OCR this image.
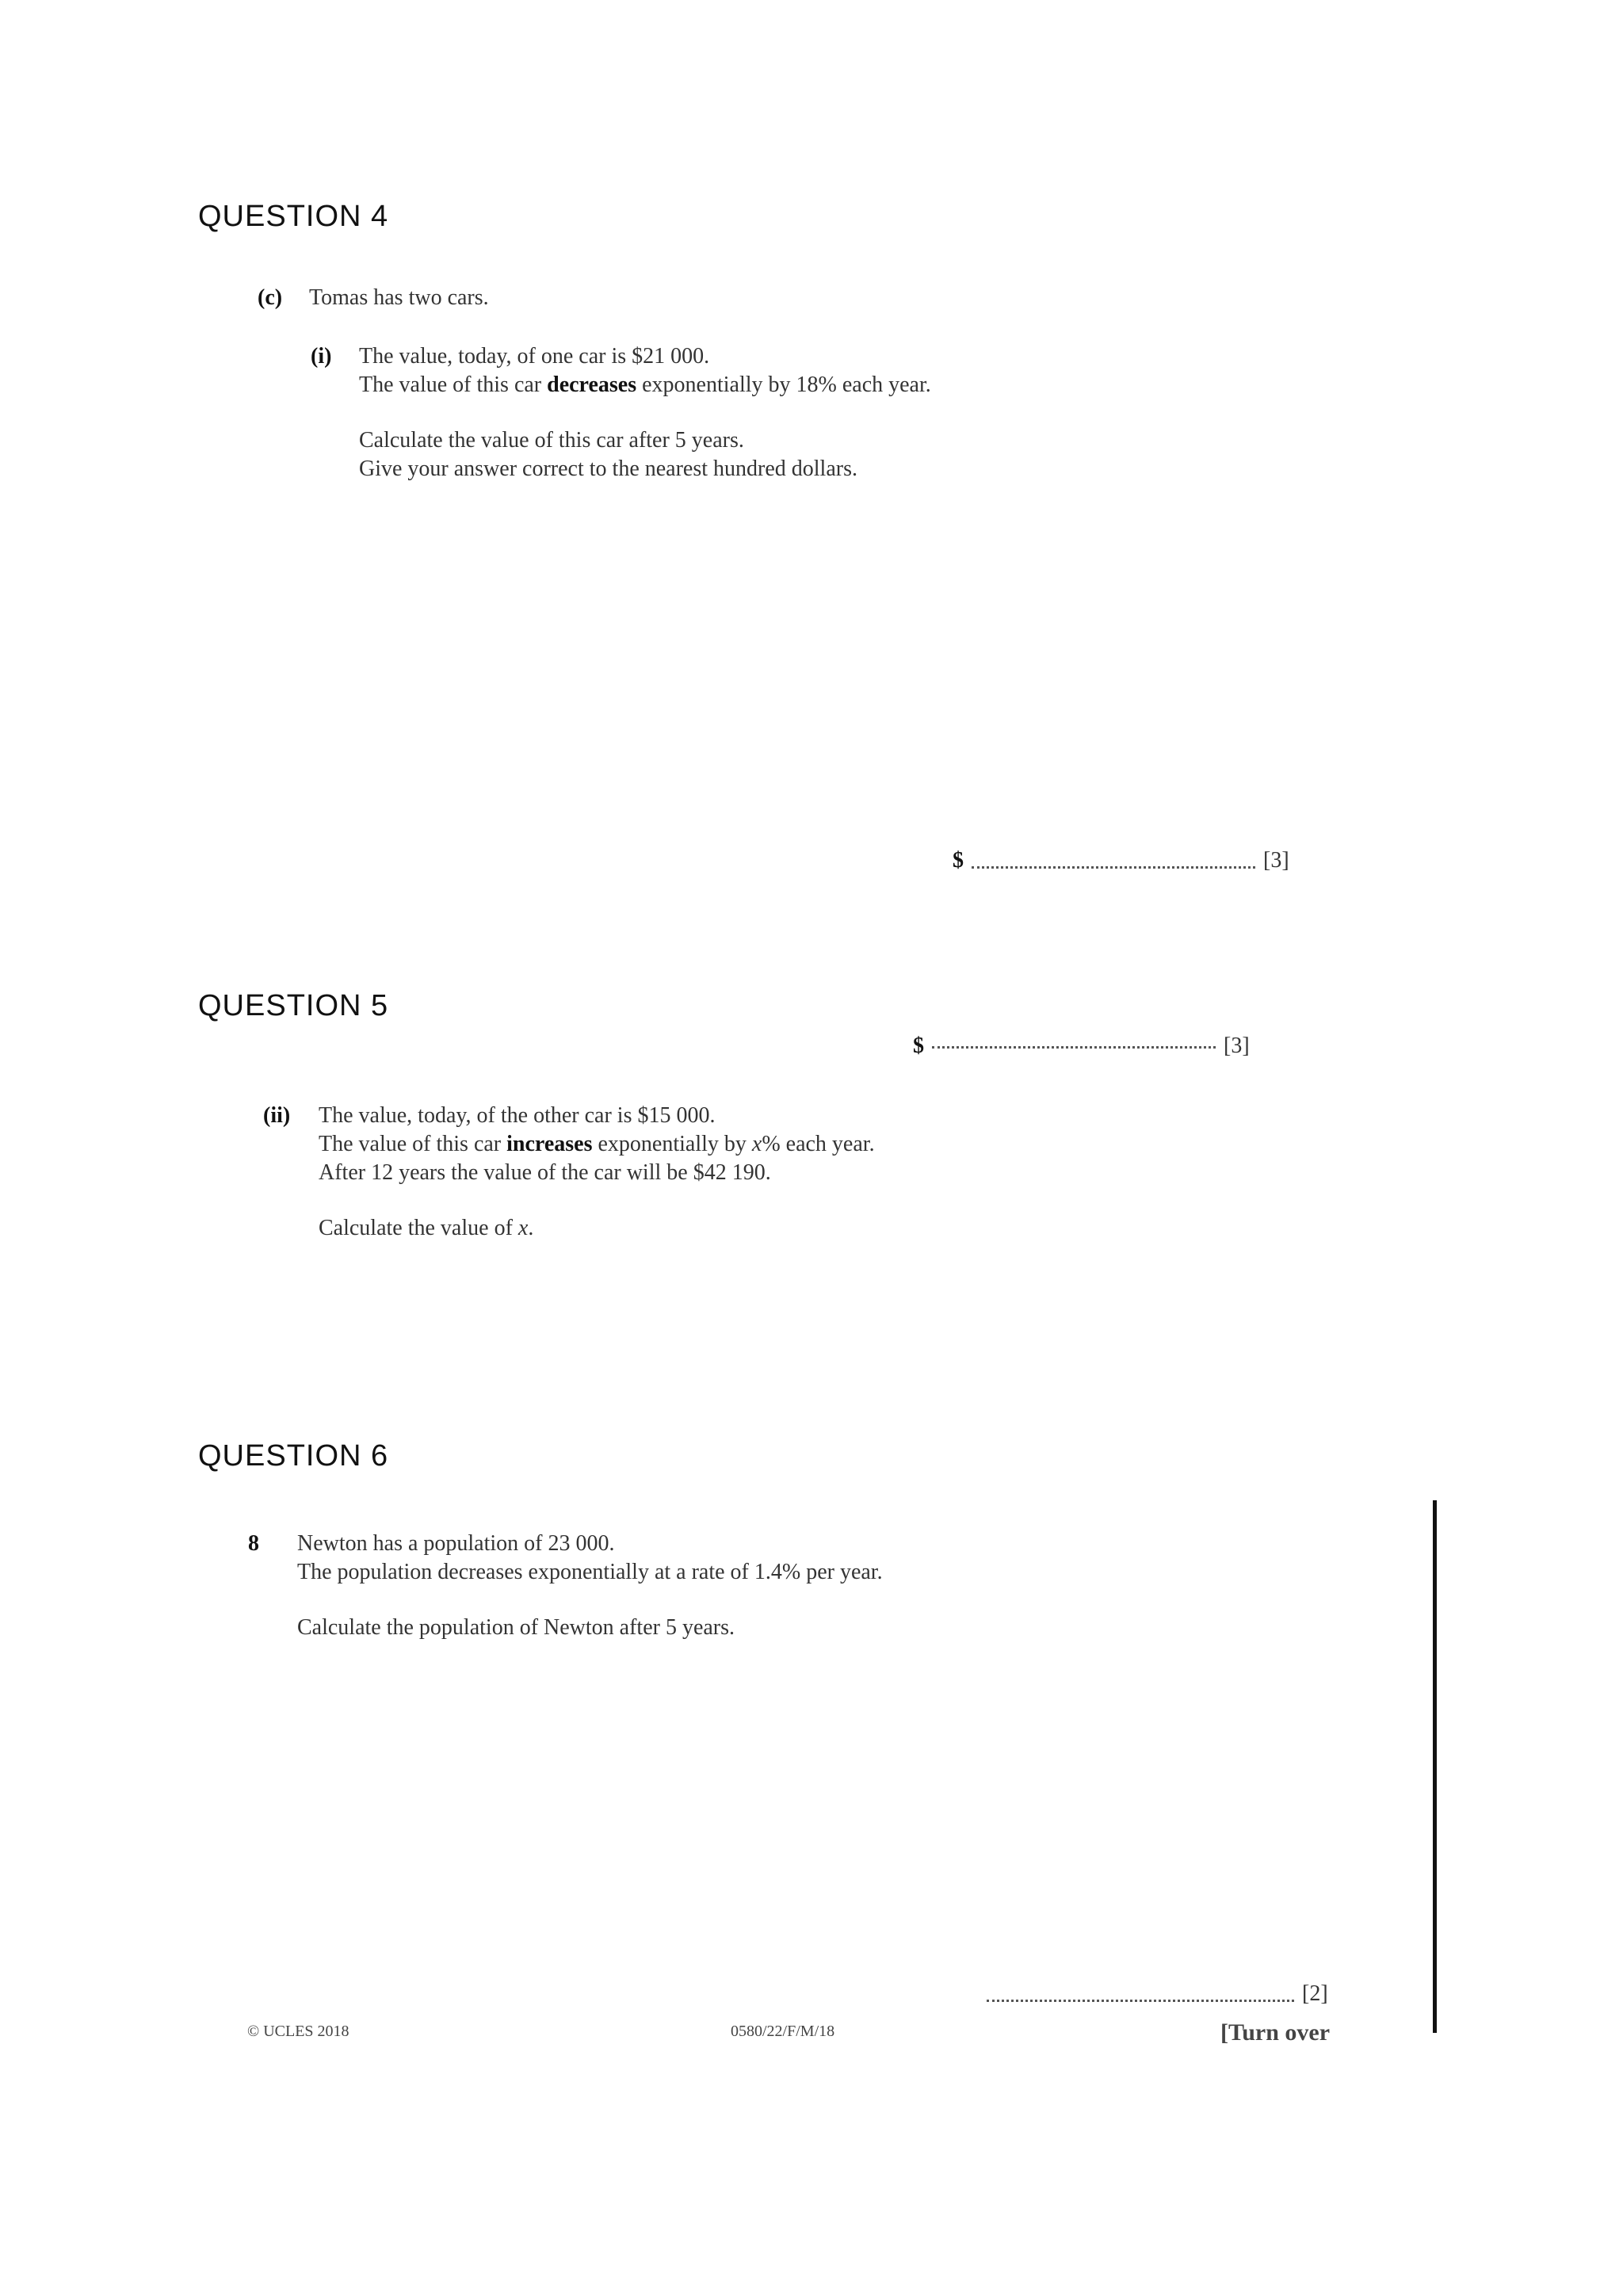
QUESTION 4
(c) Tomas has two cars.
(i) The value, today, of one car is $21 000.
The value of this car decreases exponentially by 18% each year.
Calculate the value of this car after 5 years.
Give your answer correct to the nearest hundred dollars.
$	[3]
QUESTION 5
$	[3]
(ii) The value, today, of the other car is $15 000.
The value of this car increases exponentially by x% each year.
After 12 years the value of the car will be $42 190.
Calculate the value of x.
QUESTION 6
8 Newton has a population of 23 000.
The population decreases exponentially at a rate of 1.4% per year.
Calculate the population of Newton after 5 years.
[2]
© UCLES 2018	0580/22/F/M/18	[Turn over
